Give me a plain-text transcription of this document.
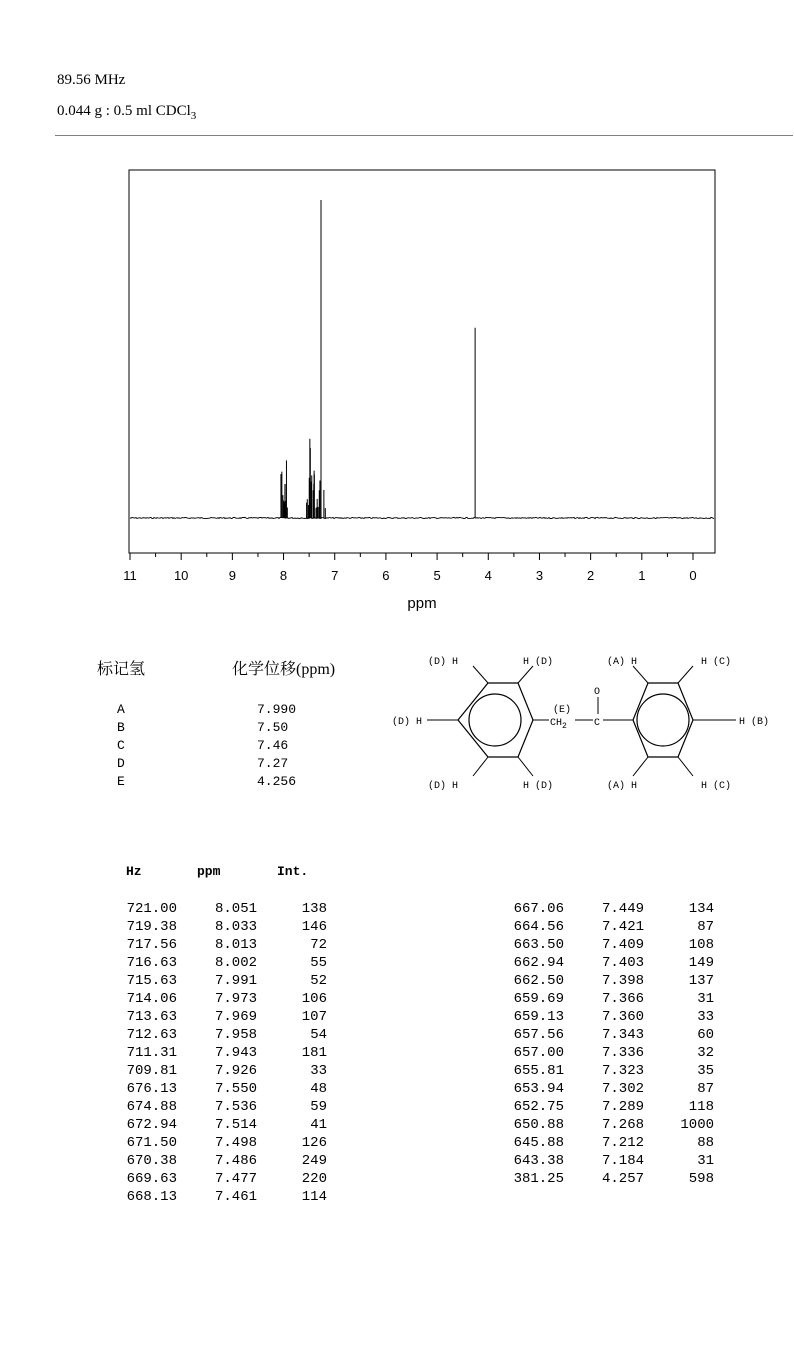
89.56 MHz
0.044 g : 0.5 ml CDCl$_3$
11	10	9	8	7	6	5	4	3	2	1	0
ppm
标记氢	化学位移(ppm)
A	7.990
B	7.50
C	7.46
D	7.27
E	4.256
(D) H	H (D)
(D) H
(D) H	H (D)
(E)
$CH_2$
O
C
(A) H	H (C)
H (B)
(A) H	H (C)
Hz	ppm	Int.
721.00	8.051	138
719.38	8.033	146
717.56	8.013	72
716.63	8.002	55
715.63	7.991	52
714.06	7.973	106
713.63	7.969	107
712.63	7.958	54
711.31	7.943	181
709.81	7.926	33
676.13	7.550	48
674.88	7.536	59
672.94	7.514	41
671.50	7.498	126
670.38	7.486	249
669.63	7.477	220
668.13	7.461	114
667.06	7.449	134
664.56	7.421	87
663.50	7.409	108
662.94	7.403	149
662.50	7.398	137
659.69	7.366	31
659.13	7.360	33
657.56	7.343	60
657.00	7.336	32
655.81	7.323	35
653.94	7.302	87
652.75	7.289	118
650.88	7.268	1000
645.88	7.212	88
643.38	7.184	31
381.25	4.257	598
